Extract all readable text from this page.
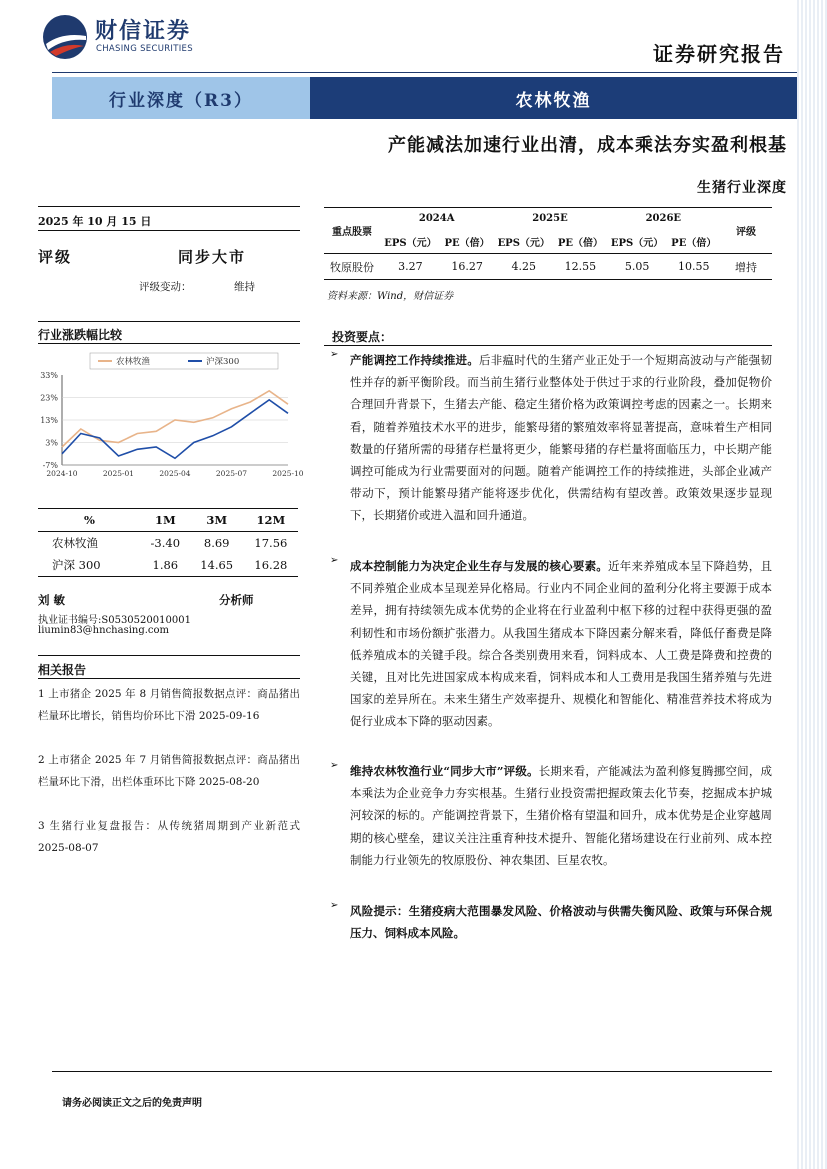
财信证券
CHASING SECURITIES	证券研究报告
行业深度（R3）	农林牧渔
产能减法加速行业出清，成本乘法夯实盈利根基
生猪行业深度
2025 年 10 月 15 日
评级	同步大市
评级变动：	维持
行业涨跌幅比较
33%
23%
13%
3%
-7%
2024-10	2025-01	2025-04	2025-07	2025-10
农林牧渔	沪深300
%	1M	3M	12M
农林牧渔	-3.40	8.69	17.56
沪深 300	1.86	14.65	16.28
刘 敏	分析师
执业证书编号:S0530520010001
liumin83@hnchasing.com
相关报告
1 上市猪企 2025 年 8 月销售简报数据点评：商品猪出栏量环比增长，销售均价环比下滑 2025-09-16
2 上市猪企 2025 年 7 月销售简报数据点评：商品猪出栏量环比下滑，出栏体重环比下降 2025-08-20
3 生猪行业复盘报告：从传统猪周期到产业新范式 2025-08-07
重点股票	2024A		2025E		2026E		评级
	EPS（元）	PE（倍）	EPS（元）	PE（倍）	EPS（元）	PE（倍）	
牧原股份	3.27	16.27	4.25	12.55	5.05	10.55	增持
资料来源：Wind，财信证券
投资要点：
➢ 产能调控工作持续推进。后非瘟时代的生猪产业正处于一个短期高波动与产能强韧性并存的新平衡阶段。而当前生猪行业整体处于供过于求的行业阶段，叠加促物价合理回升背景下，生猪去产能、稳定生猪价格为政策调控考虑的因素之一。长期来看，随着养殖技术水平的进步，能繁母猪的繁殖效率将显著提高，意味着生产相同数量的仔猪所需的母猪存栏量将更少，能繁母猪的存栏量将面临压力，中长期产能调控可能成为行业需要面对的问题。随着产能调控工作的持续推进，头部企业减产带动下，预计能繁母猪产能将逐步优化，供需结构有望改善。政策效果逐步显现下，长期猪价或进入温和回升通道。

➢ 成本控制能力为决定企业生存与发展的核心要素。近年来养殖成本呈下降趋势，且不同养殖企业成本呈现差异化格局。行业内不同企业间的盈利分化将主要源于成本差异，拥有持续领先成本优势的企业将在行业盈利中枢下移的过程中获得更强的盈利韧性和市场份额扩张潜力。从我国生猪成本下降因素分解来看，降低仔畜费是降低养殖成本的关键手段。综合各类别费用来看，饲料成本、人工费是降费和控费的关键，且对比先进国家成本构成来看，饲料成本和人工费用是我国生猪养殖与先进国家的差异所在。未来生猪生产效率提升、规模化和智能化、精准营养技术将成为促行业成本下降的驱动因素。

➢ 维持农林牧渔行业“同步大市”评级。长期来看，产能减法为盈利修复腾挪空间，成本乘法为企业竞争力夯实根基。生猪行业投资需把握政策去化节奏，挖掘成本护城河较深的标的。产能调控背景下，生猪价格有望温和回升，成本优势是企业穿越周期的核心壁垒，建议关注注重育种技术提升、智能化猪场建设在行业前列、成本控制能力行业领先的牧原股份、神农集团、巨星农牧。

➢ 风险提示：生猪疫病大范围暴发风险、价格波动与供需失衡风险、政策与环保合规压力、饲料成本风险。

请务必阅读正文之后的免责声明
